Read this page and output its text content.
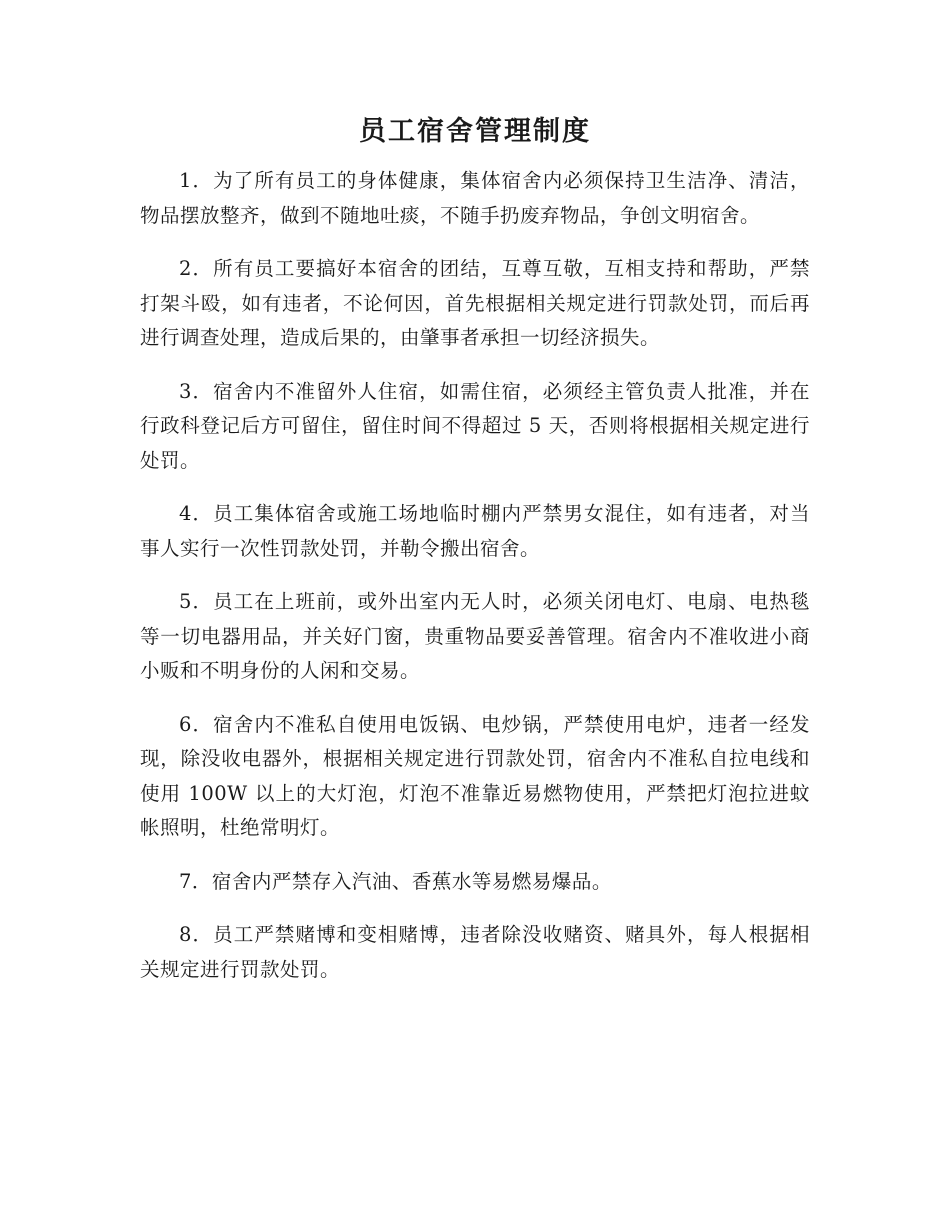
员工宿舍管理制度

1．为了所有员工的身体健康，集体宿舍内必须保持卫生洁净、清洁，物品摆放整齐，做到不随地吐痰，不随手扔废弃物品，争创文明宿舍。

2．所有员工要搞好本宿舍的团结，互尊互敬，互相支持和帮助，严禁打架斗殴，如有违者，不论何因，首先根据相关规定进行罚款处罚，而后再进行调查处理，造成后果的，由肇事者承担一切经济损失。

3．宿舍内不准留外人住宿，如需住宿，必须经主管负责人批准，并在行政科登记后方可留住，留住时间不得超过 5 天，否则将根据相关规定进行处罚。

4．员工集体宿舍或施工场地临时棚内严禁男女混住，如有违者，对当事人实行一次性罚款处罚，并勒令搬出宿舍。

5．员工在上班前，或外出室内无人时，必须关闭电灯、电扇、电热毯等一切电器用品，并关好门窗，贵重物品要妥善管理。宿舍内不准收进小商小贩和不明身份的人闲和交易。

6．宿舍内不准私自使用电饭锅、电炒锅，严禁使用电炉，违者一经发现，除没收电器外，根据相关规定进行罚款处罚，宿舍内不准私自拉电线和使用 100W 以上的大灯泡，灯泡不准靠近易燃物使用，严禁把灯泡拉进蚊帐照明，杜绝常明灯。

7．宿舍内严禁存入汽油、香蕉水等易燃易爆品。

8．员工严禁赌博和变相赌博，违者除没收赌资、赌具外，每人根据相关规定进行罚款处罚。
